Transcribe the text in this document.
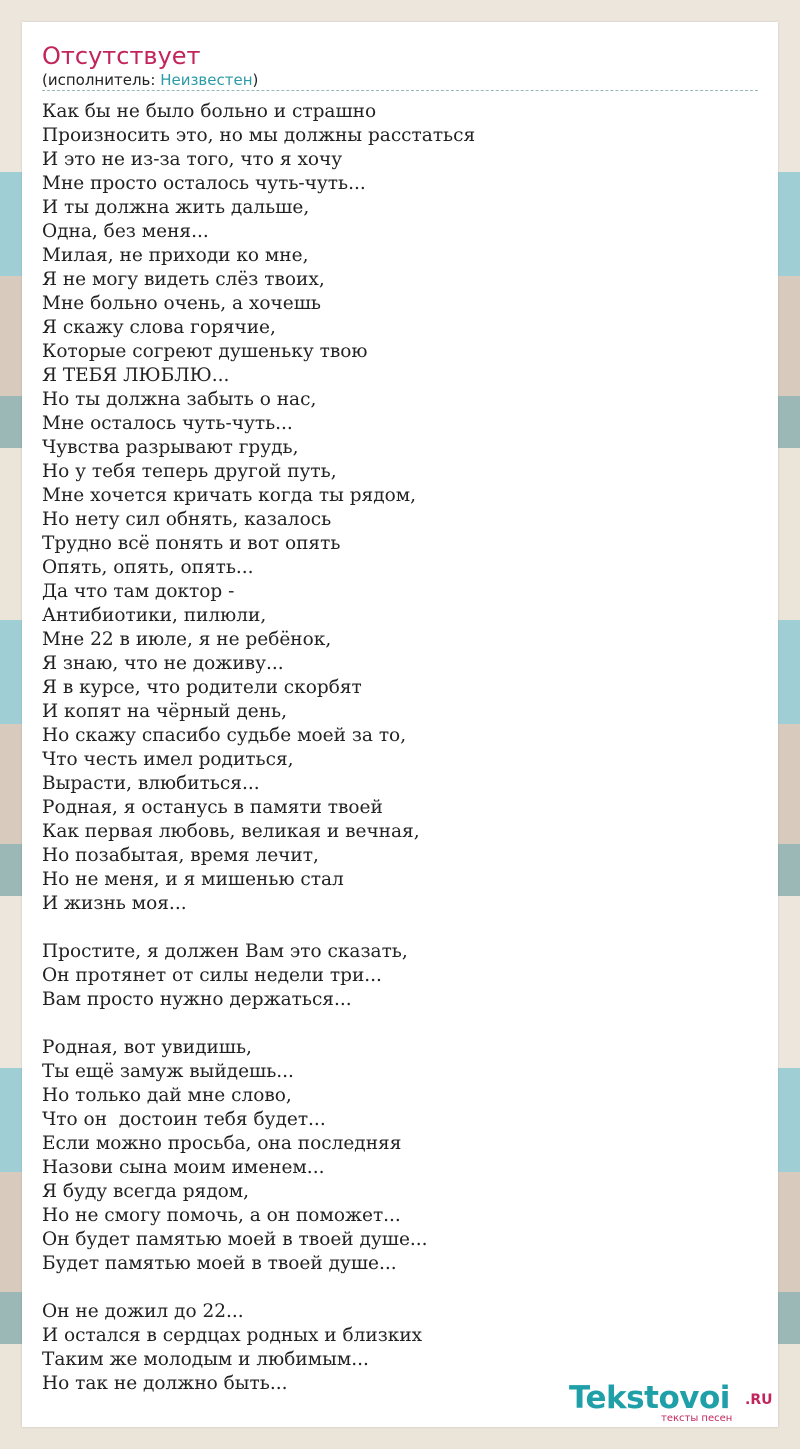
Отсутствует
(исполнитель: Неизвестен)
Как бы не было больно и страшно
Произносить это, но мы должны расстаться
И это не из-за того, что я хочу
Мне просто осталось чуть-чуть...
И ты должна жить дальше,
Одна, без меня...
Милая, не приходи ко мне,
Я не могу видеть слёз твоих,
Мне больно очень, а хочешь
Я скажу слова горячие,
Которые согреют душеньку твою
Я ТЕБЯ ЛЮБЛЮ...
Но ты должна забыть о нас,
Мне осталось чуть-чуть...
Чувства разрывают грудь,
Но у тебя теперь другой путь,
Мне хочется кричать когда ты рядом,
Но нету сил обнять, казалось
Трудно всё понять и вот опять
Опять, опять, опять...
Да что там доктор -
Антибиотики, пилюли,
Мне 22 в июле, я не ребёнок,
Я знаю, что не доживу...
Я в курсе, что родители скорбят
И копят на чёрный день,
Но скажу спасибо судьбе моей за то,
Что честь имел родиться,
Вырасти, влюбиться...
Родная, я останусь в памяти твоей
Как первая любовь, великая и вечная,
Но позабытая, время лечит,
Но не меня, и я мишенью стал
И жизнь моя...
Простите, я должен Вам это сказать,
Он протянет от силы недели три...
Вам просто нужно держаться...
Родная, вот увидишь,
Ты ещё замуж выйдешь...
Но только дай мне слово,
Что он  достоин тебя будет...
Если можно просьба, она последняя
Назови сына моим именем...
Я буду всегда рядом,
Но не смогу помочь, а он поможет...
Он будет памятью моей в твоей душе...
Будет памятью моей в твоей душе...
Он не дожил до 22...
И остался в сердцах родных и близких
Таким же молодым и любимым...
Но так не должно быть...	Tekstovoi .RU
тексты песен
